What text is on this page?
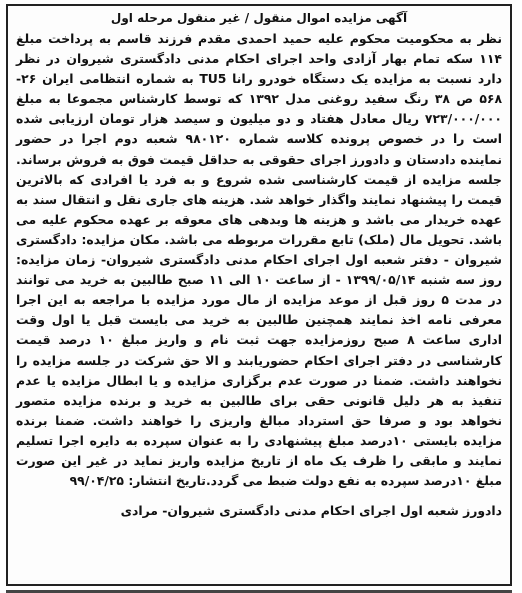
آگهی مزایده اموال منقول / غیر منقول مرحله اول

نظر به محکومیت محکوم علیه حمید احمدی مقدم فرزند قاسم به پرداخت مبلغ ۱۱۴ سکه تمام بهار آزادی واحد اجرای احکام مدنی دادگستری شیروان در نظر دارد نسبت به مزایده یک دستگاه خودرو رانا TU5 به شماره انتظامی ایران ۲۶- ۵۶۸ ص ۳۸ رنگ سفید روغنی مدل ۱۳۹۲ که توسط کارشناس مجموعا به مبلغ ۷۲۳/۰۰۰/۰۰۰ ریال معادل هفتاد و دو میلیون و سیصد هزار تومان ارزیابی شده است را در خصوص پرونده کلاسه شماره ۹۸۰۱۲۰ شعبه دوم اجرا در حضور نماینده دادستان و دادورز اجرای حقوقی به حداقل قیمت فوق به فروش برساند. جلسه مزایده از قیمت کارشناسی شده شروع و به فرد یا افرادی که بالاترین قیمت را پیشنهاد نمایند واگذار خواهد شد. هزینه های جاری نقل و انتقال سند به عهده خریدار می باشد و هزینه ها وبدهی های معوقه بر عهده محکوم علیه می باشد. تحویل مال (ملک) تابع مقررات مربوطه می باشد. مکان مزایده: دادگستری شیروان - دفتر شعبه اول اجرای احکام مدنی دادگستری شیروان- زمان مزایده: روز سه شنبه ۱۳۹۹/۰۵/۱۴ - از ساعت ۱۰ الی ۱۱ صبح طالبین به خرید می توانند در مدت ۵ روز قبل از موعد مزایده از مال مورد مزایده با مراجعه به این اجرا معرفی نامه اخذ نمایند همچنین طالبین به خرید می بایست قبل یا اول وقت اداری ساعت ۸ صبح روزمزایده جهت ثبت نام و واریز مبلغ ۱۰ درصد قیمت کارشناسی در دفتر اجرای احکام حضوریابند و الا حق شرکت در جلسه مزایده را نخواهند داشت. ضمنا در صورت عدم برگزاری مزایده و یا ابطال مزایده یا عدم تنفیذ به هر دلیل قانونی حقی برای طالبین به خرید و برنده مزایده متصور نخواهد بود و صرفا حق استرداد مبالغ واریزی را خواهند داشت. ضمنا برنده مزایده بایستی ۱۰درصد مبلغ پیشنهادی را به عنوان سپرده به دایره اجرا تسلیم نمایند و مابقی را ظرف یک ماه از تاریخ مزایده واریز نماید در غیر این صورت مبلغ ۱۰درصد سپرده به نفع دولت ضبط می گردد.تاریخ انتشار: ۹۹/۰۴/۲۵

دادورز شعبه اول اجرای احکام مدنی دادگستری شیروان- مرادی
